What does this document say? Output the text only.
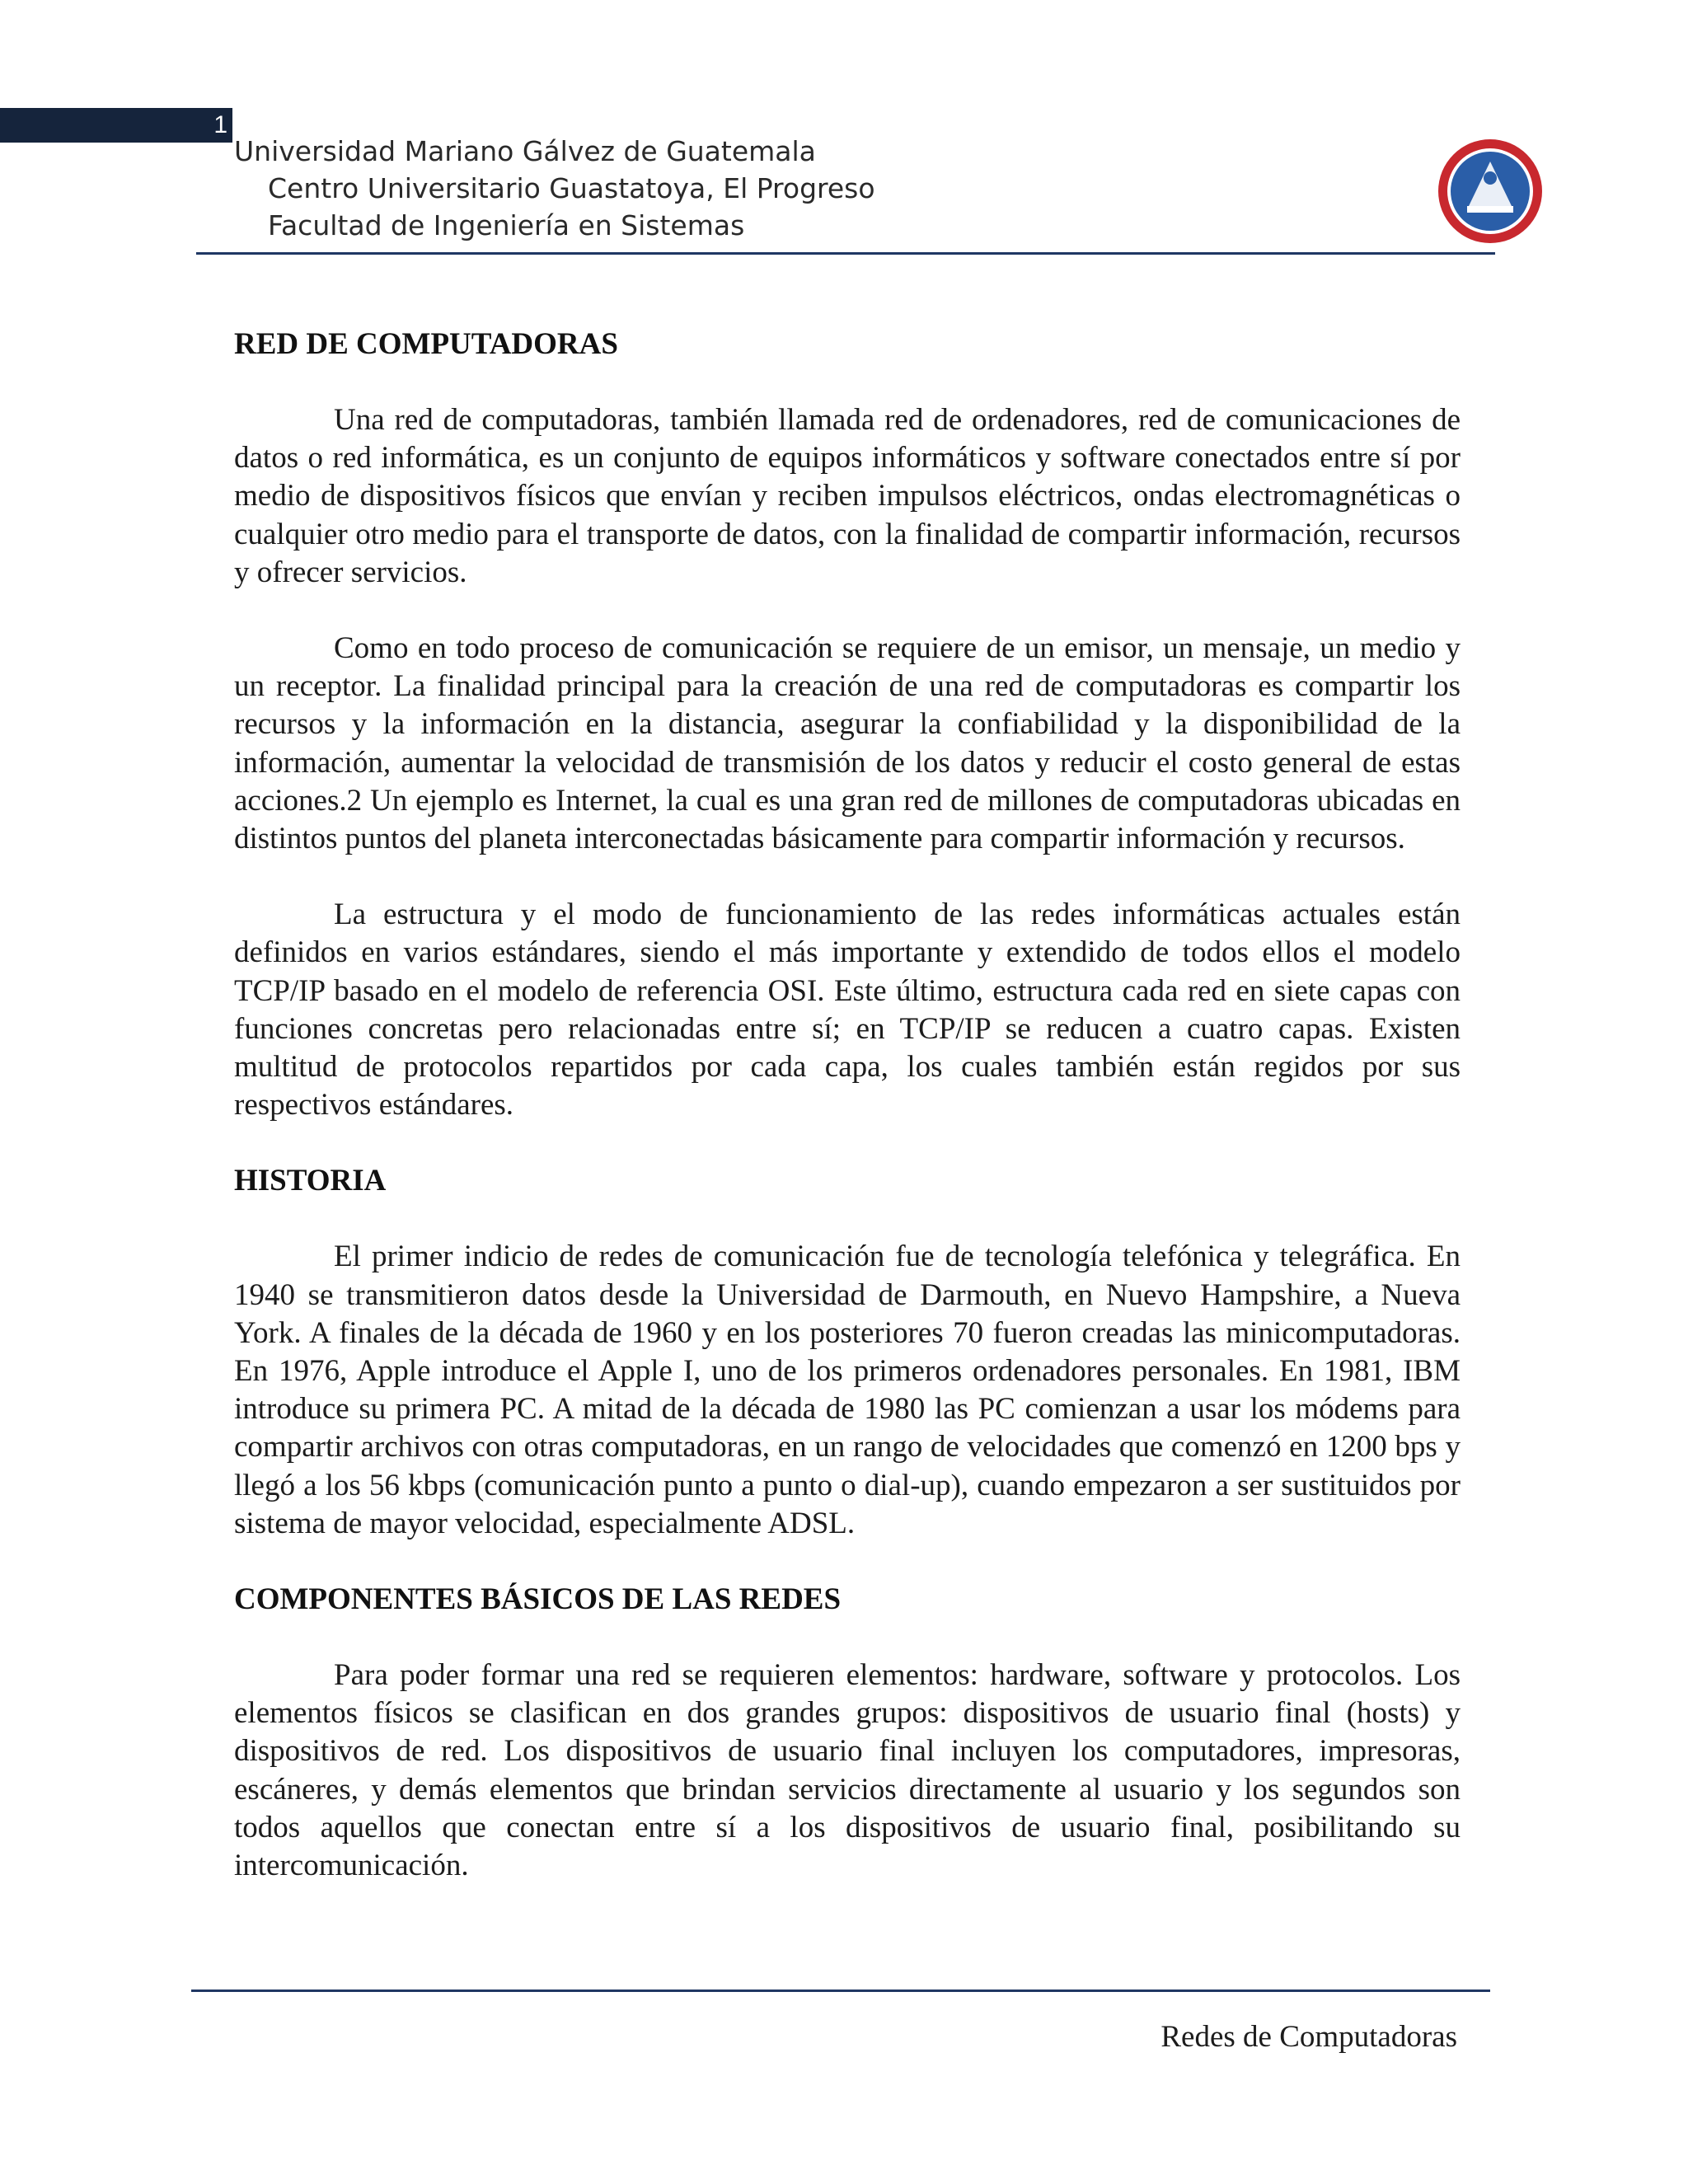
1
Universidad Mariano Gálvez de Guatemala
Centro Universitario Guastatoya, El Progreso
Facultad de Ingeniería en Sistemas
RED DE COMPUTADORAS

Una red de computadoras, también llamada red de ordenadores, red de comunicaciones de datos o red informática, es un conjunto de equipos informáticos y software conectados entre sí por medio de dispositivos físicos que envían y reciben impulsos eléctricos, ondas electromagnéticas o cualquier otro medio para el transporte de datos, con la finalidad de compartir información, recursos y ofrecer servicios.

Como en todo proceso de comunicación se requiere de un emisor, un mensaje, un medio y un receptor. La finalidad principal para la creación de una red de computadoras es compartir los recursos y la información en la distancia, asegurar la confiabilidad y la disponibilidad de la información, aumentar la velocidad de transmisión de los datos y reducir el costo general de estas acciones.2 Un ejemplo es Internet, la cual es una gran red de millones de computadoras ubicadas en distintos puntos del planeta interconectadas básicamente para compartir información y recursos.

La estructura y el modo de funcionamiento de las redes informáticas actuales están definidos en varios estándares, siendo el más importante y extendido de todos ellos el modelo TCP/IP basado en el modelo de referencia OSI. Este último, estructura cada red en siete capas con funciones concretas pero relacionadas entre sí; en TCP/IP se reducen a cuatro capas. Existen multitud de protocolos repartidos por cada capa, los cuales también están regidos por sus respectivos estándares.

HISTORIA

El primer indicio de redes de comunicación fue de tecnología telefónica y telegráfica. En 1940 se transmitieron datos desde la Universidad de Darmouth, en Nuevo Hampshire, a Nueva York. A finales de la década de 1960 y en los posteriores 70 fueron creadas las minicomputadoras. En 1976, Apple introduce el Apple I, uno de los primeros ordenadores personales. En 1981, IBM introduce su primera PC. A mitad de la década de 1980 las PC comienzan a usar los módems para compartir archivos con otras computadoras, en un rango de velocidades que comenzó en 1200 bps y llegó a los 56 kbps (comunicación punto a punto o dial-up), cuando empezaron a ser sustituidos por sistema de mayor velocidad, especialmente ADSL.

COMPONENTES BÁSICOS DE LAS REDES

Para poder formar una red se requieren elementos: hardware, software y protocolos. Los elementos físicos se clasifican en dos grandes grupos: dispositivos de usuario final (hosts) y dispositivos de red. Los dispositivos de usuario final incluyen los computadores, impresoras, escáneres, y demás elementos que brindan servicios directamente al usuario y los segundos son todos aquellos que conectan entre sí a los dispositivos de usuario final, posibilitando su intercomunicación.

Redes de Computadoras
